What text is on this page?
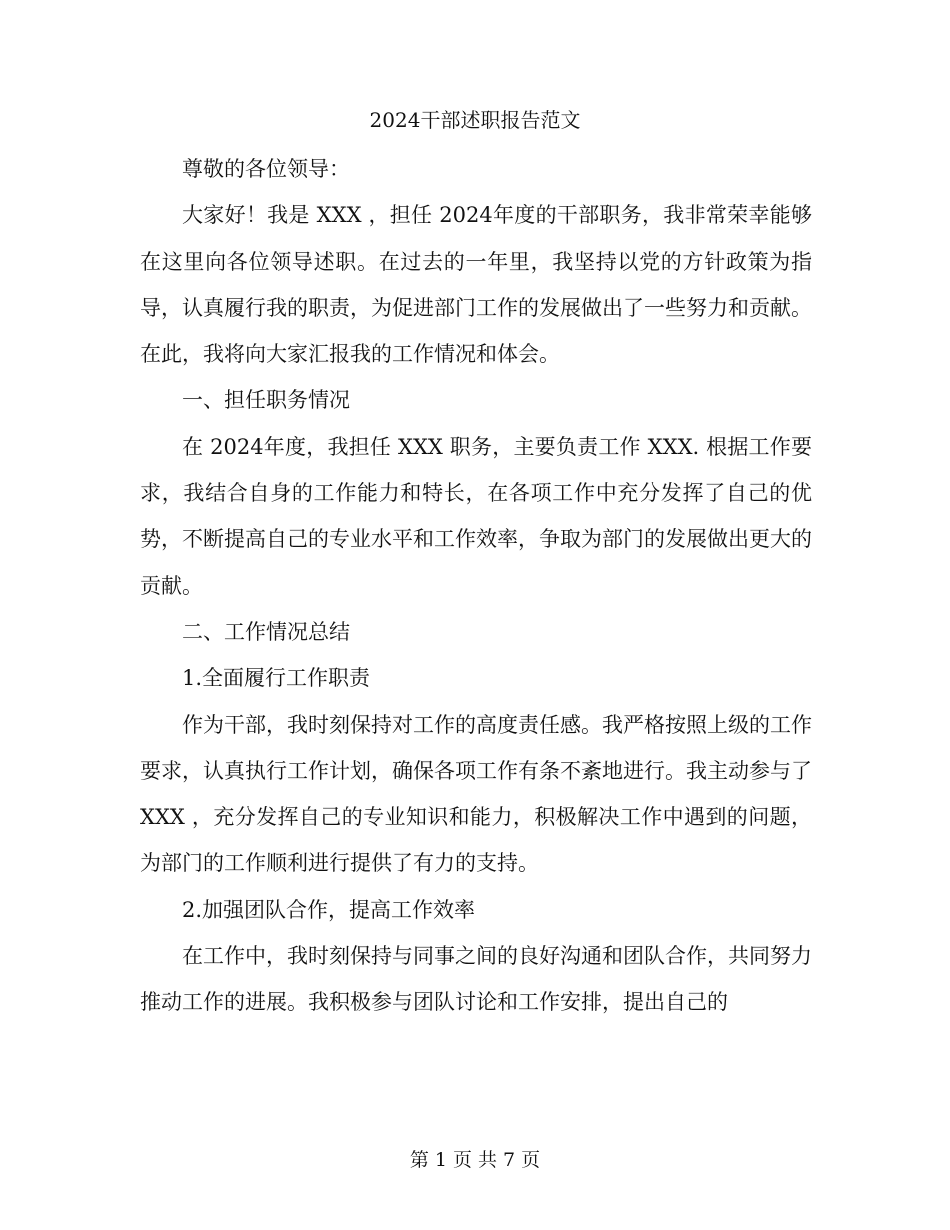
2024干部述职报告范文

尊敬的各位领导：

大家好！我是 XXX ，担任 2024年度的干部职务，我非常荣幸能够在这里向各位领导述职。在过去的一年里，我坚持以党的方针政策为指导，认真履行我的职责，为促进部门工作的发展做出了一些努力和贡献。在此，我将向大家汇报我的工作情况和体会。

一、担任职务情况

在 2024年度，我担任 XXX 职务，主要负责工作 XXX. 根据工作要求，我结合自身的工作能力和特长，在各项工作中充分发挥了自己的优势，不断提高自己的专业水平和工作效率，争取为部门的发展做出更大的贡献。

二、工作情况总结

1.全面履行工作职责

作为干部，我时刻保持对工作的高度责任感。我严格按照上级的工作要求，认真执行工作计划，确保各项工作有条不紊地进行。我主动参与了 XXX ，充分发挥自己的专业知识和能力，积极解决工作中遇到的问题，为部门的工作顺利进行提供了有力的支持。

2.加强团队合作，提高工作效率

在工作中，我时刻保持与同事之间的良好沟通和团队合作，共同努力推动工作的进展。我积极参与团队讨论和工作安排，提出自己的

第 1 页 共 7 页
